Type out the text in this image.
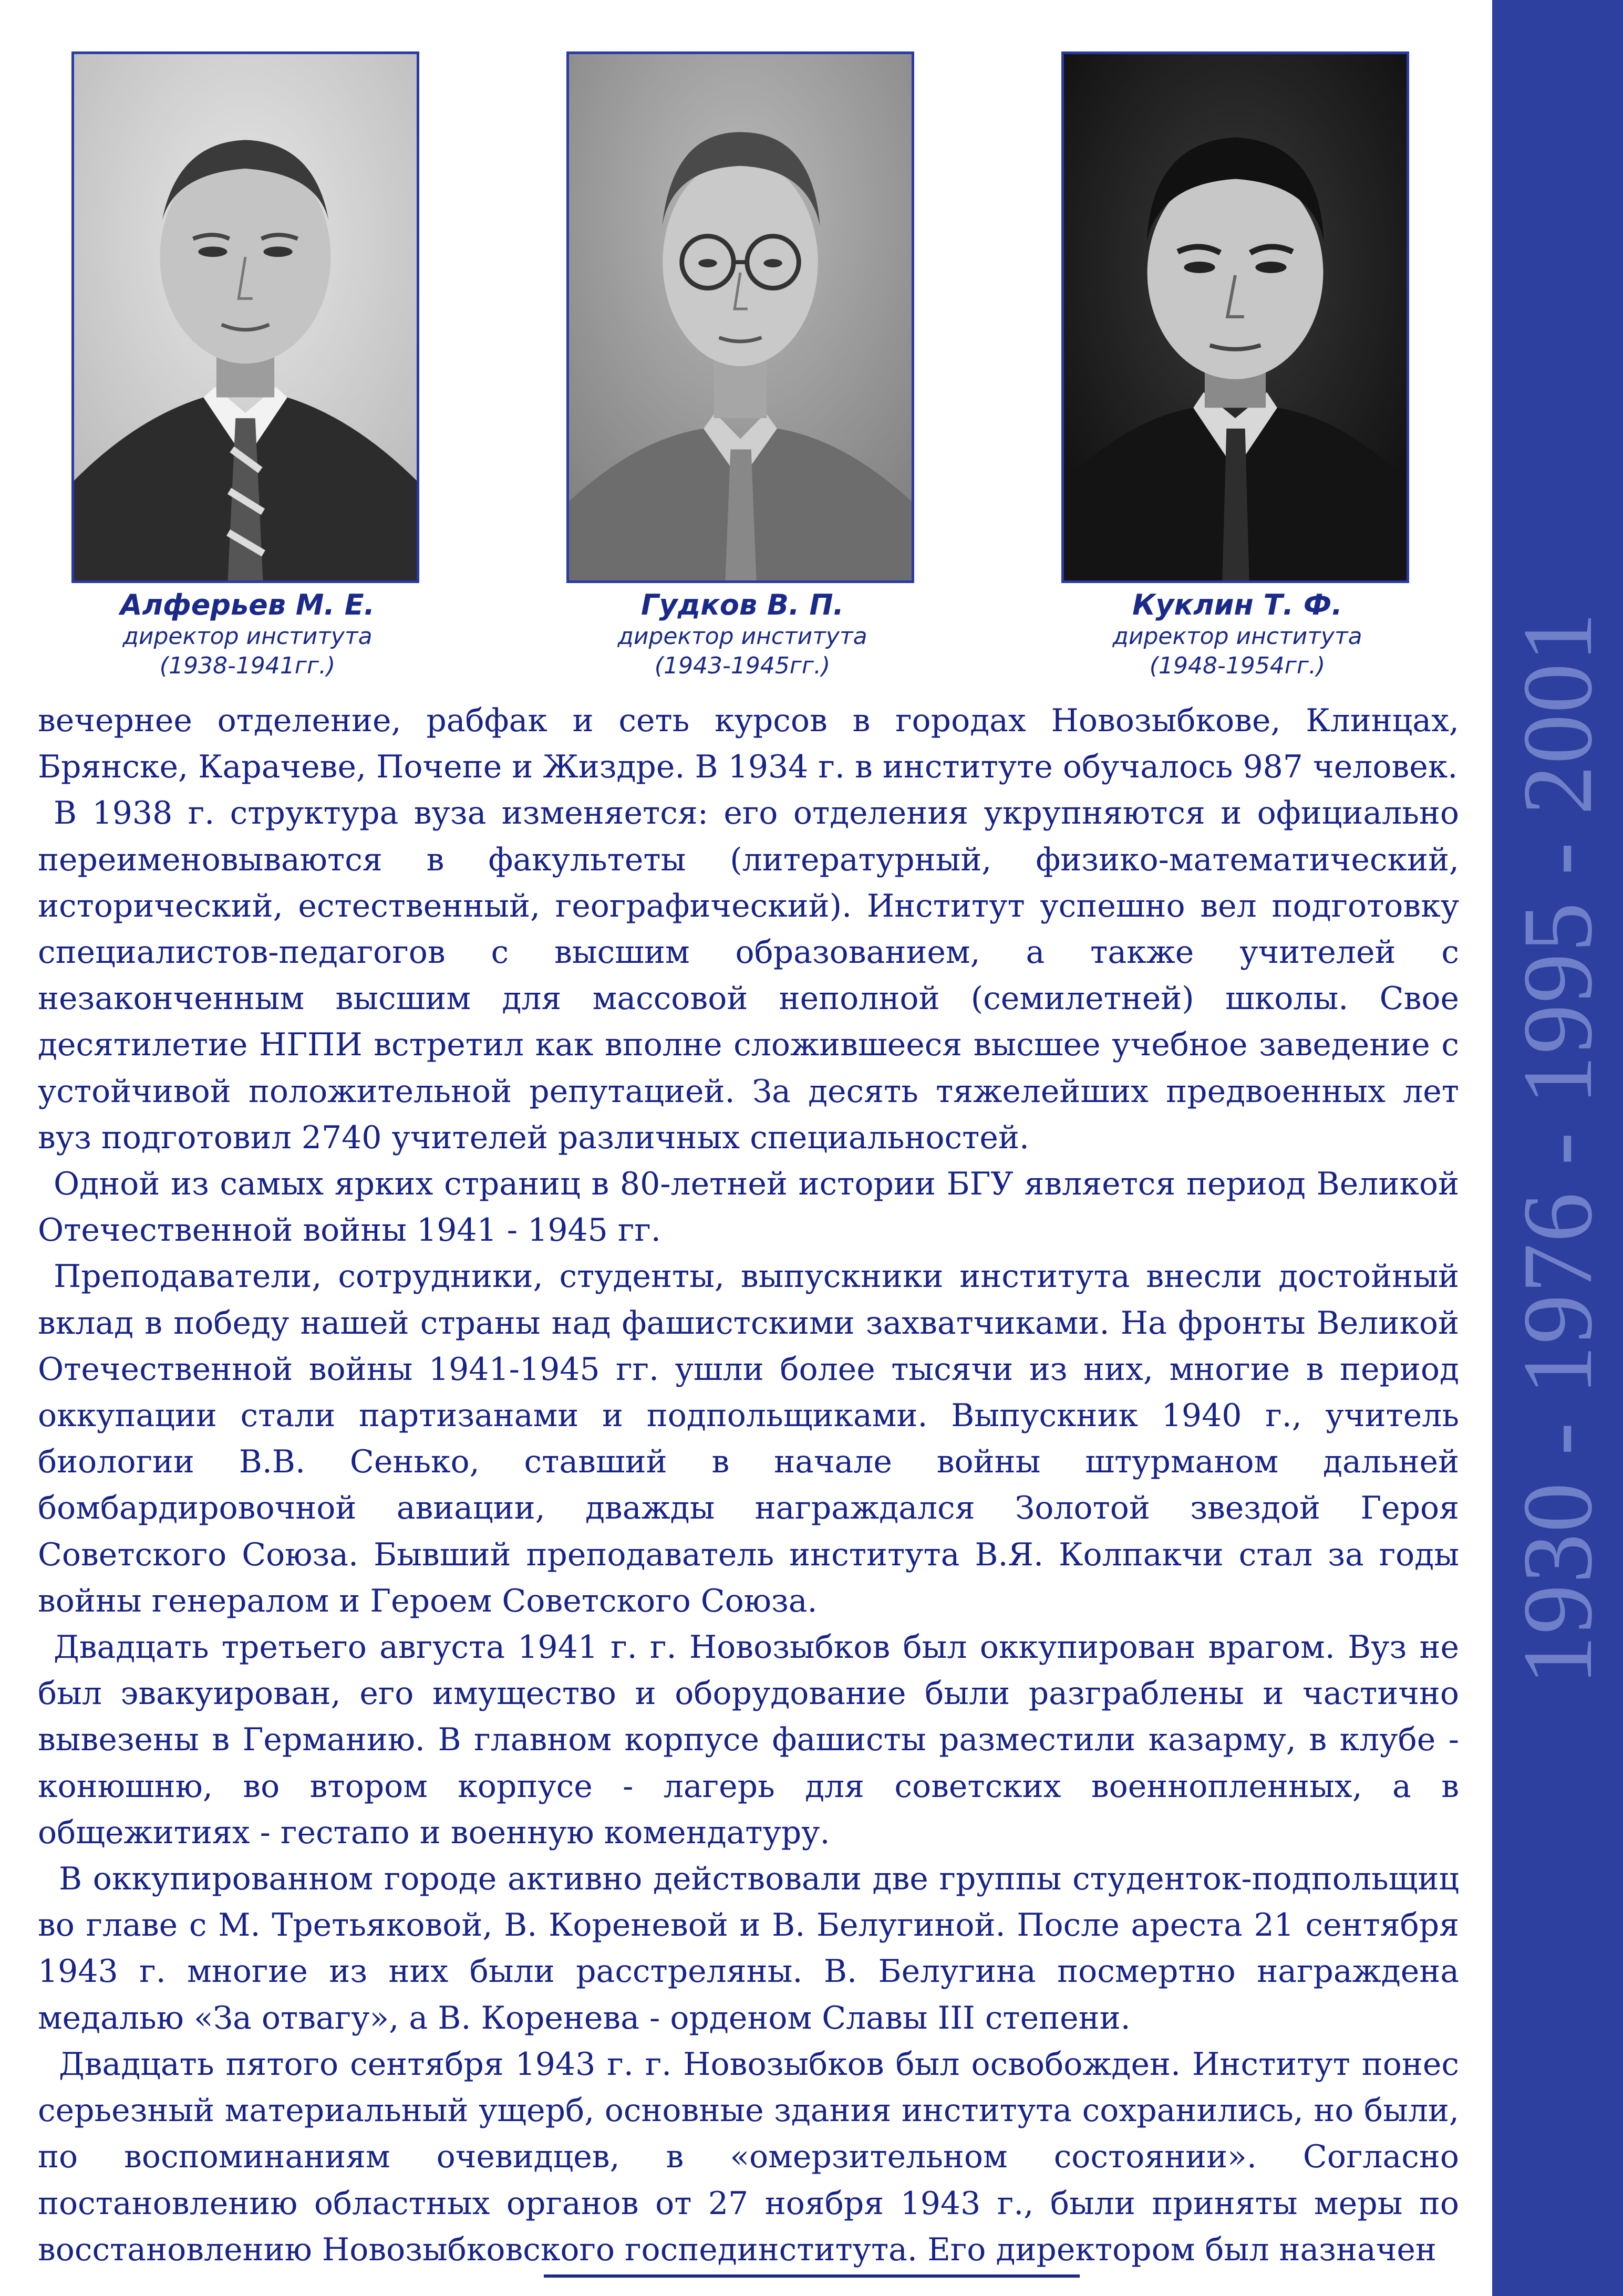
Алферьев М. Е.
директор института
(1938-1941гг.)
Гудков В. П.
директор института
(1943-1945гг.)
Куклин Т. Ф.
директор института
(1948-1954гг.)

вечернее отделение, рабфак и сеть курсов в городах Новозыбкове, Клинцах, Брянске, Карачеве, Почепе и Жиздре. В 1934 г. в институте обучалось 987 человек.

В 1938 г. структура вуза изменяется: его отделения укрупняются и официально переименовываются в факультеты (литературный, физико-математический, исторический, естественный, географический). Институт успешно вел подготовку специалистов-педагогов с высшим образованием, а также учителей с незаконченным высшим для массовой неполной (семилетней) школы. Свое десятилетие НГПИ встретил как вполне сложившееся высшее учебное заведение с устойчивой положительной репутацией. За десять тяжелейших предвоенных лет вуз подготовил 2740 учителей различных специальностей.

Одной из самых ярких страниц в 80-летней истории БГУ является период Великой Отечественной войны 1941 - 1945 гг.

Преподаватели, сотрудники, студенты, выпускники института внесли достойный вклад в победу нашей страны над фашистскими захватчиками. На фронты Великой Отечественной войны 1941-1945 гг. ушли более тысячи из них, многие в период оккупации стали партизанами и подпольщиками. Выпускник 1940 г., учитель биологии В.В. Сенько, ставший в начале войны штурманом дальней бомбардировочной авиации, дважды награждался Золотой звездой Героя Советского Союза. Бывший преподаватель института В.Я. Колпакчи стал за годы войны генералом и Героем Советского Союза.

Двадцать третьего августа 1941 г. г. Новозыбков был оккупирован врагом. Вуз не был эвакуирован, его имущество и оборудование были разграблены и частично вывезены в Германию. В главном корпусе фашисты разместили казарму, в клубе - конюшню, во втором корпусе - лагерь для советских военнопленных, а в общежитиях - гестапо и военную комендатуру.

В оккупированном городе активно действовали две группы студенток-подпольщиц во главе с М. Третьяковой, В. Кореневой и В. Белугиной. После ареста 21 сентября 1943 г. многие из них были расстреляны. В. Белугина посмертно награждена медалью «За отвагу», а В. Коренева - орденом Славы III степени.

Двадцать пятого сентября 1943 г. г. Новозыбков был освобожден. Институт понес серьезный материальный ущерб, основные здания института сохранились, но были, по воспоминаниям очевидцев, в «омерзительном состоянии». Согласно постановлению областных органов от 27 ноября 1943 г., были приняты меры по восстановлению Новозыбковского госпединститута. Его директором был назначен

1930 - 1976 - 1995 - 2001
